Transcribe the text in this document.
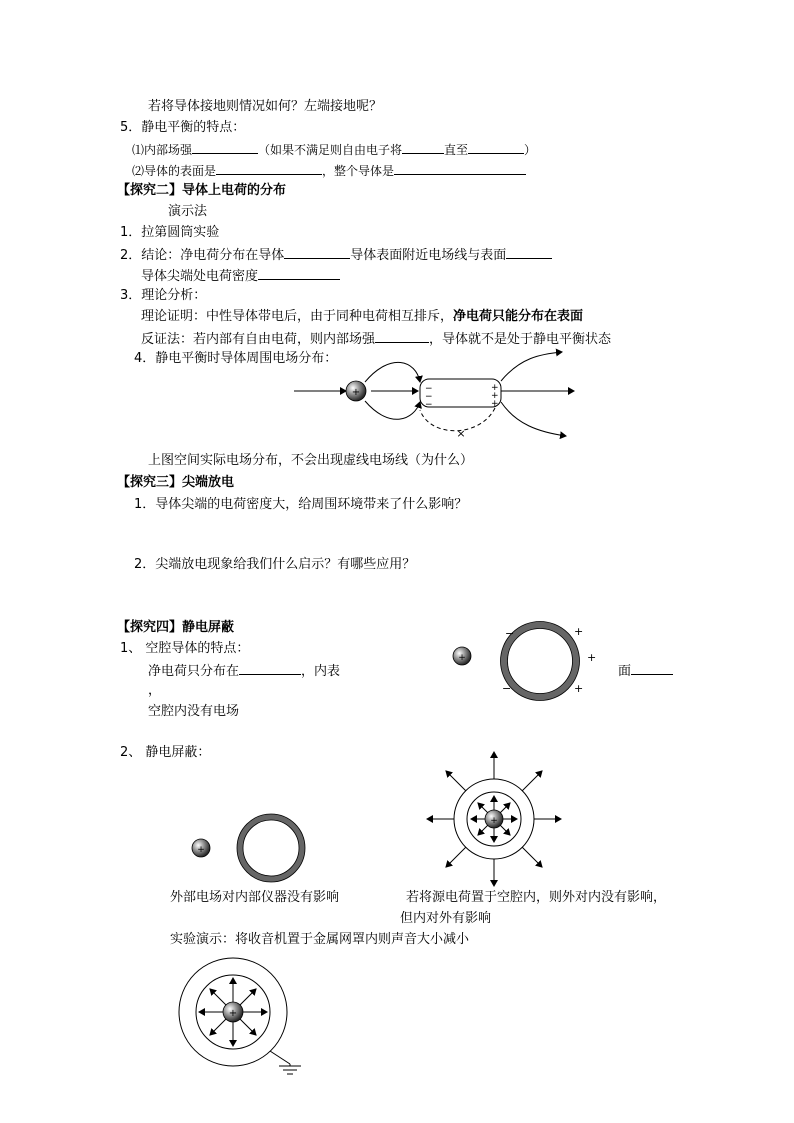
若将导体接地则情况如何？左端接地呢？
5．静电平衡的特点：
⑴内部场强	（如果不满足则自由电子将	直至	）
⑵导体的表面是	，整个导体是
【探究二】导体上电荷的分布
演示法
1．拉第圆筒实验
2．结论：净电荷分布在导体	导体表面附近电场线与表面
导体尖端处电荷密度
3．理论分析：
理论证明：中性导体带电后，由于同种电荷相互排斥，净电荷只能分布在表面
反证法：若内部有自由电荷，则内部场强	，导体就不是处于静电平衡状态
4．静电平衡时导体周围电场分布：
上图空间实际电场分布，不会出现虚线电场线（为什么）
【探究三】尖端放电
1．导体尖端的电荷密度大，给周围环境带来了什么影响？
2．尖端放电现象给我们什么启示？有哪些应用？
【探究四】静电屏蔽
1、 空腔导体的特点：
净电荷只分布在	，内表	面
，
空腔内没有电场
2、 静电屏蔽：
外部电场对内部仪器没有影响	若将源电荷置于空腔内，则外对内没有影响，
但内对外有影响
实验演示：将收音机置于金属网罩内则声音大小减小
+	−
−
−
+
+
+
×
+
−
−
+
+
+
+
+
+
